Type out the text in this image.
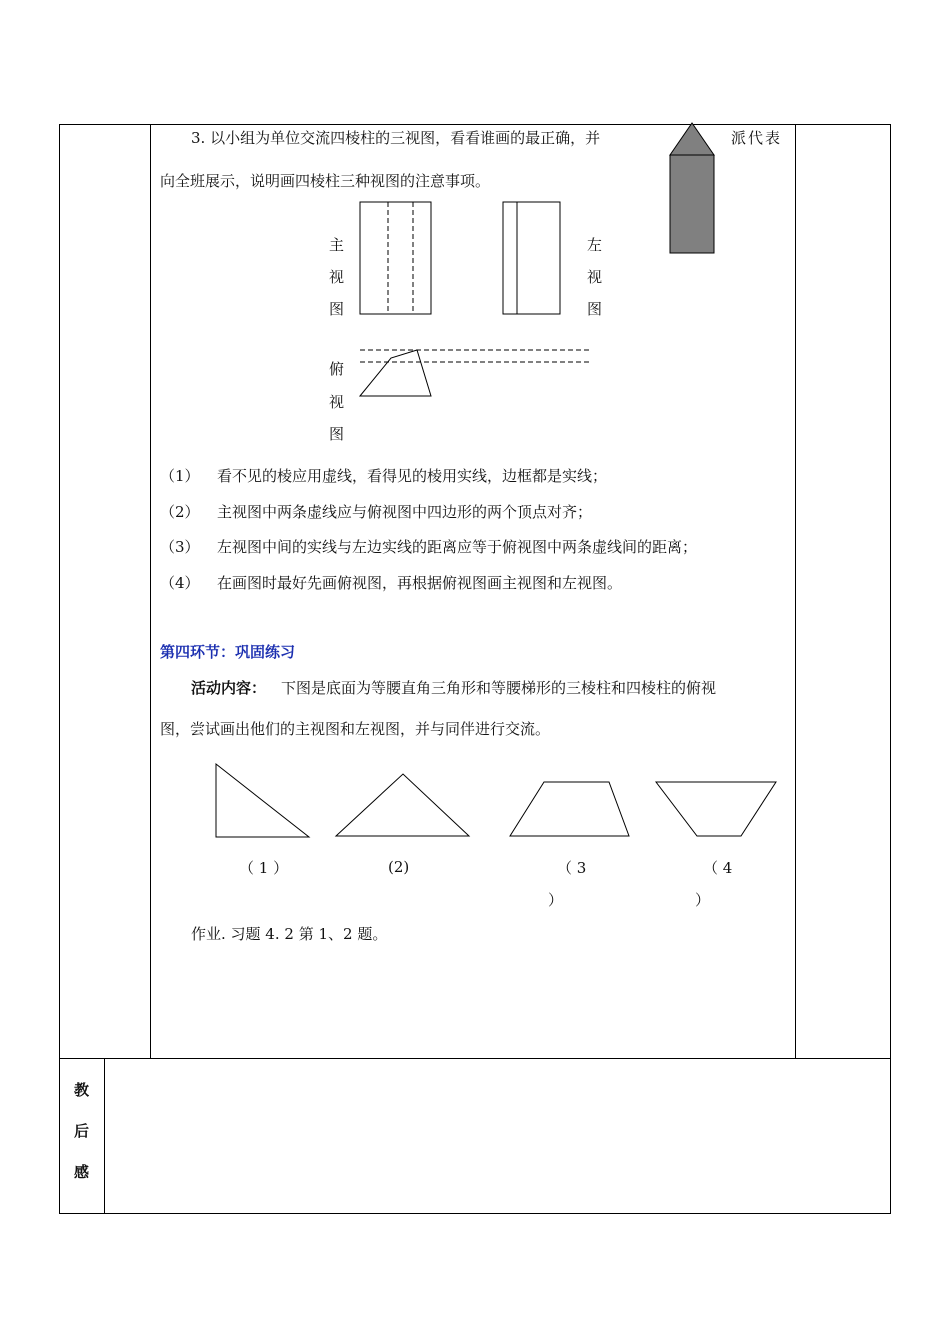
3. 以小组为单位交流四棱柱的三视图，看看谁画的最正确，并	派代表
向全班展示，说明画四棱柱三种视图的注意事项。
主
视
图
左
视
图
俯
视
图
（1） 看不见的棱应用虚线，看得见的棱用实线，边框都是实线；
（2） 主视图中两条虚线应与俯视图中四边形的两个顶点对齐；
（3） 左视图中间的实线与左边实线的距离应等于俯视图中两条虚线间的距离；
（4） 在画图时最好先画俯视图，再根据俯视图画主视图和左视图。
第四环节：巩固练习
活动内容： 下图是底面为等腰直角三角形和等腰梯形的三棱柱和四棱柱的俯视
图，尝试画出他们的主视图和左视图，并与同伴进行交流。
（ 1 ）	(2)	（ 3
）
（ 4
）
作业. 习题 4. 2 第 1、2 题。
教
后
感
